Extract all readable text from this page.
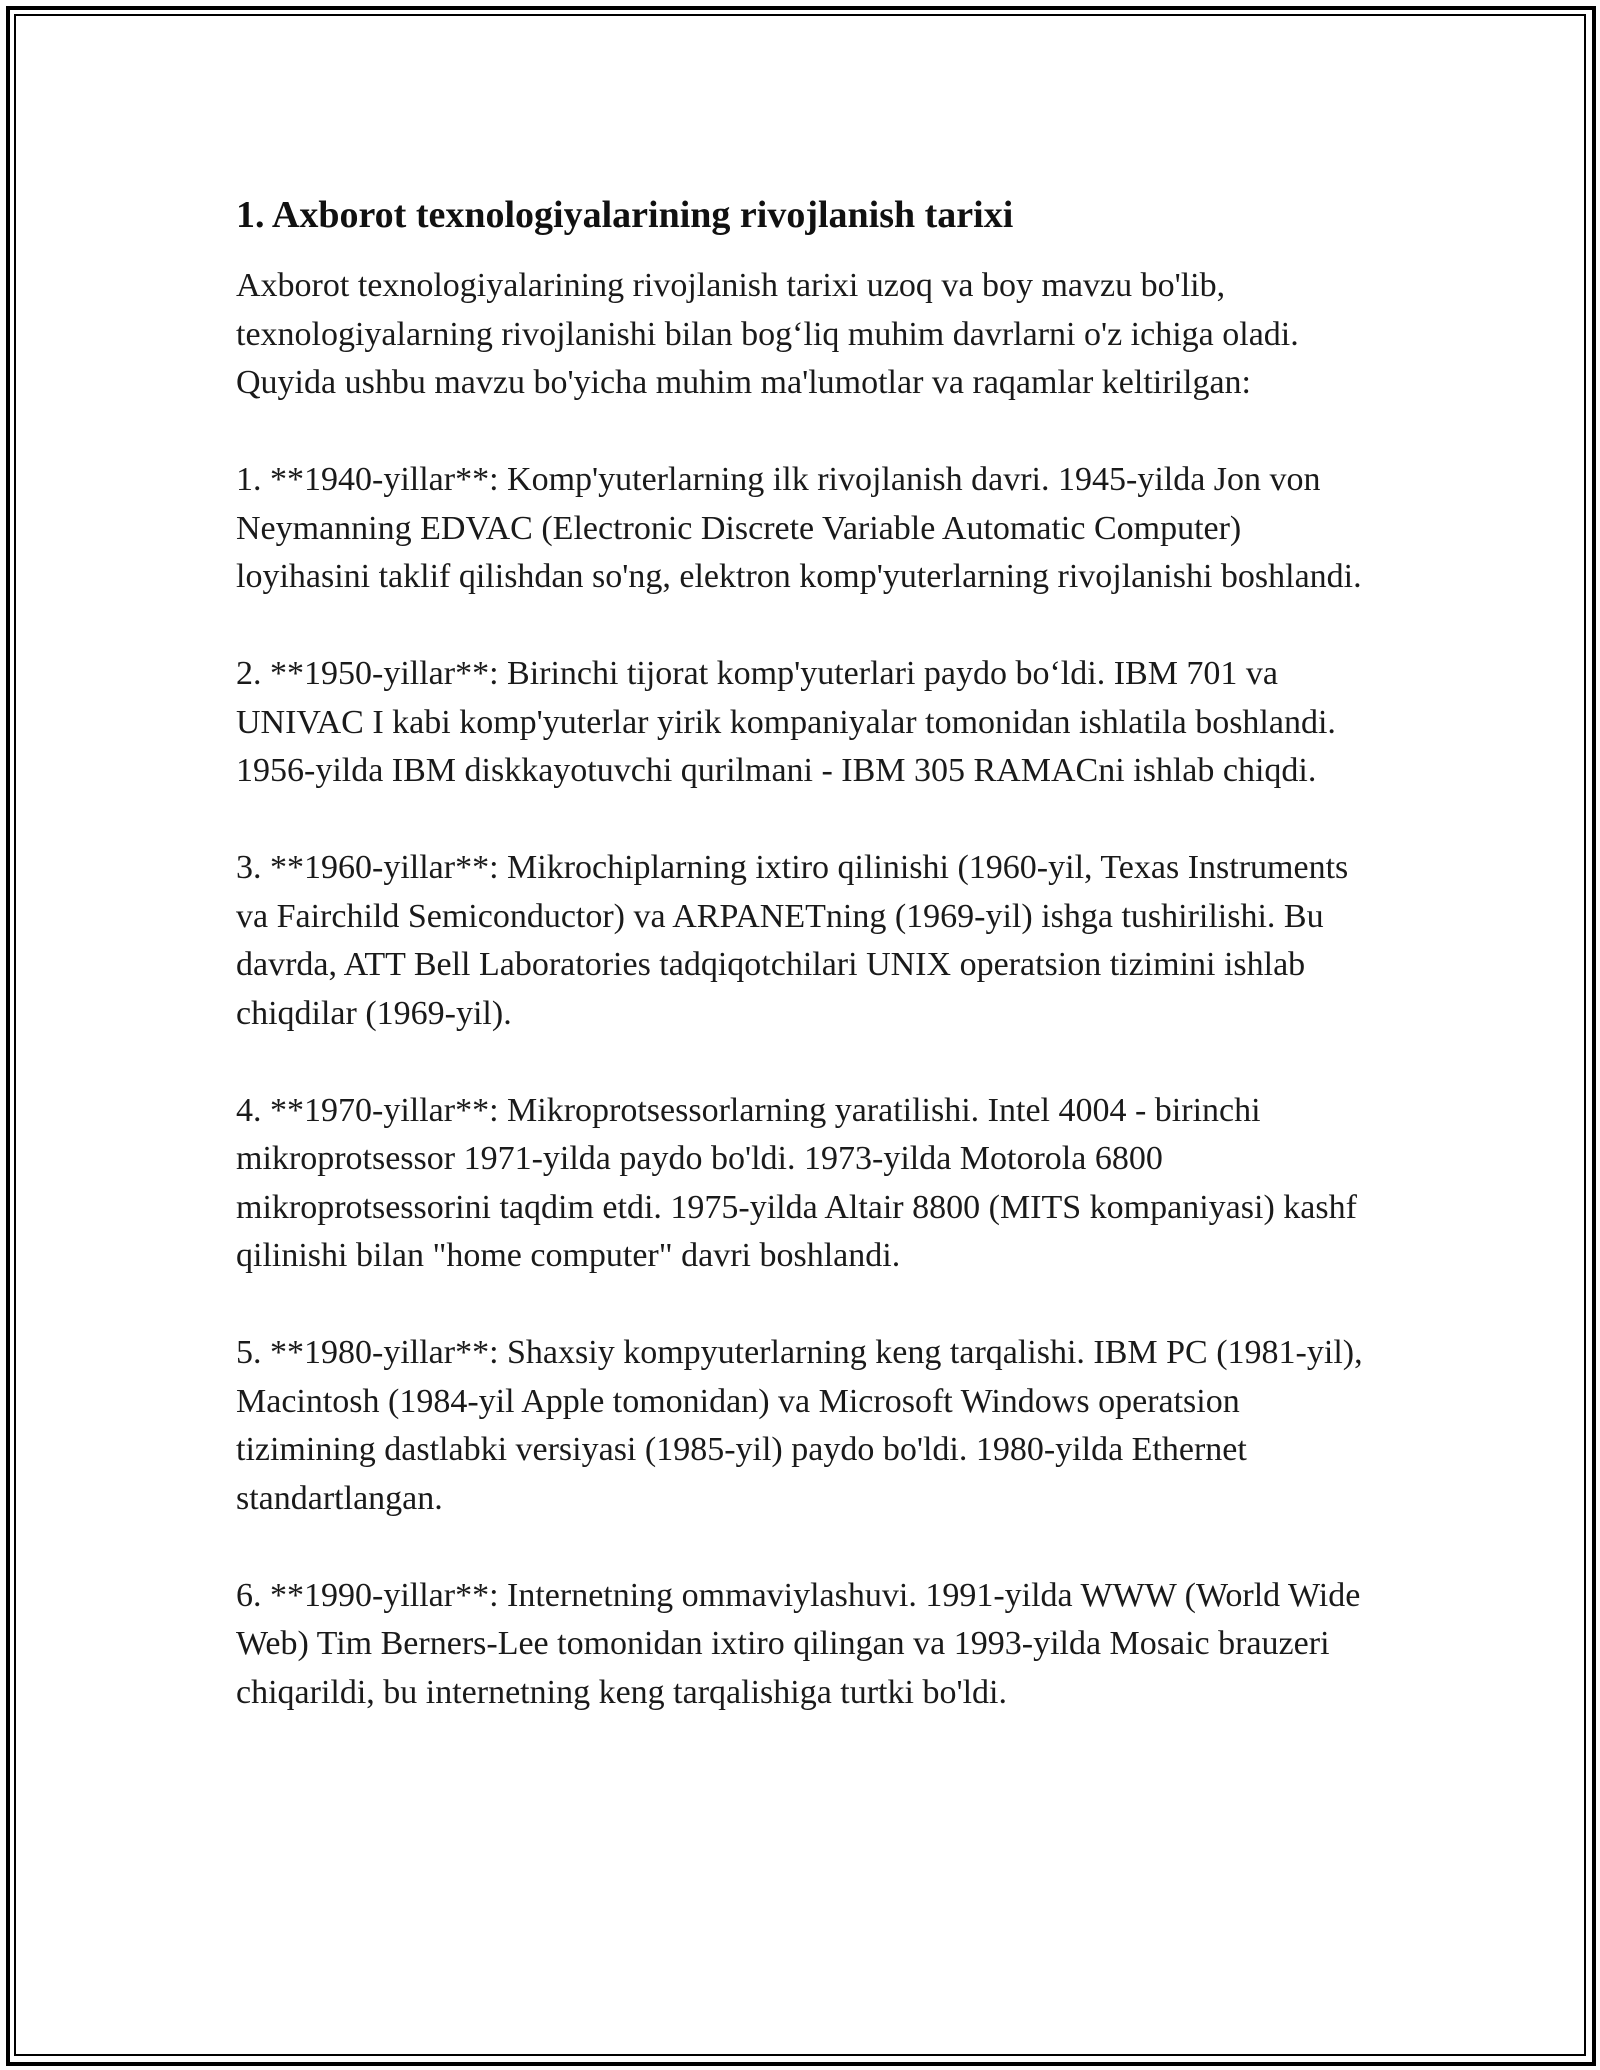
1. Axborot texnologiyalarining rivojlanish tarixi

Axborot texnologiyalarining rivojlanish tarixi uzoq va boy mavzu bo'lib, texnologiyalarning rivojlanishi bilan bog‘liq muhim davrlarni o'z ichiga oladi. Quyida ushbu mavzu bo'yicha muhim ma'lumotlar va raqamlar keltirilgan:

1. **1940-yillar**: Komp'yuterlarning ilk rivojlanish davri. 1945-yilda Jon von Neymanning EDVAC (Electronic Discrete Variable Automatic Computer) loyihasini taklif qilishdan so'ng, elektron komp'yuterlarning rivojlanishi boshlandi.

2. **1950-yillar**: Birinchi tijorat komp'yuterlari paydo bo‘ldi. IBM 701 va UNIVAC I kabi komp'yuterlar yirik kompaniyalar tomonidan ishlatila boshlandi. 1956-yilda IBM diskkayotuvchi qurilmani - IBM 305 RAMACni ishlab chiqdi.

3. **1960-yillar**: Mikrochiplarning ixtiro qilinishi (1960-yil, Texas Instruments va Fairchild Semiconductor) va ARPANETning (1969-yil) ishga tushirilishi. Bu davrda, ATT Bell Laboratories tadqiqotchilari UNIX operatsion tizimini ishlab chiqdilar (1969-yil).

4. **1970-yillar**: Mikroprotsessorlarning yaratilishi. Intel 4004 - birinchi mikroprotsessor 1971-yilda paydo bo'ldi. 1973-yilda Motorola 6800 mikroprotsessorini taqdim etdi. 1975-yilda Altair 8800 (MITS kompaniyasi) kashf qilinishi bilan "home computer" davri boshlandi.

5. **1980-yillar**: Shaxsiy kompyuterlarning keng tarqalishi. IBM PC (1981-yil), Macintosh (1984-yil Apple tomonidan) va Microsoft Windows operatsion tizimining dastlabki versiyasi (1985-yil) paydo bo'ldi. 1980-yilda Ethernet standartlangan.

6. **1990-yillar**: Internetning ommaviylashuvi. 1991-yilda WWW (World Wide Web) Tim Berners-Lee tomonidan ixtiro qilingan va 1993-yilda Mosaic brauzeri chiqarildi, bu internetning keng tarqalishiga turtki bo'ldi.
